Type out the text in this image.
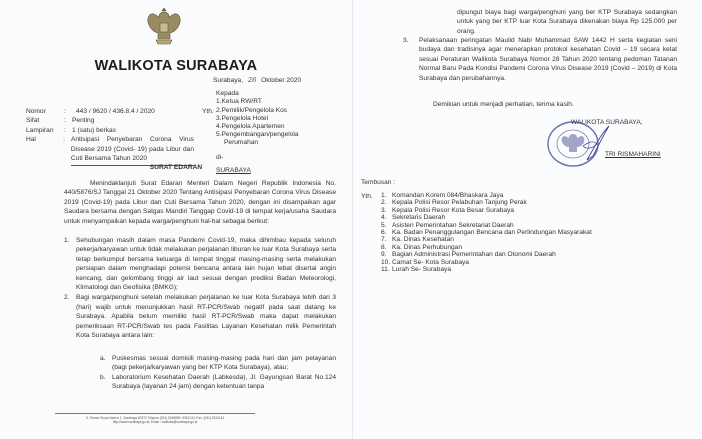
WALIKOTA SURABAYA
Surabaya, 26 Oktober 2020
Nomor	:	443 / 9620 / 436.8.4 / 2020
Sifat	: Penting
Lampiran	: 1 (satu) berkas
Hal	: Antisipasi Penyebaran Corona Virus Disease 2019 (Covid- 19) pada Libur dan Cuti Bersama Tahun 2020
Yth.
Kepada
1.Ketua RW/RT
2.Pemilik/Pengelola Kos
3.Pengelola Hotel
4.Pengelola Apartemen
5.Pengembangan/pengelola
Perumahan
di-
SURABAYA
SURAT EDARAN
Menindaklanjuti Surat Edaran Menteri Dalam Negeri Republik Indonesia No. 440/5876/SJ Tanggal 21 Oktober 2020 Tentang Antisipasi Penyebaran Corona Virus Disease 2019 (Covid-19) pada Libur dan Cuti Bersama Tahun 2020, dengan ini disampaikan agar Saudara bersama dengan Satgas Mandiri Tanggap Covid-19 di tempat kerja/usaha Saudara untuk menyampaikan kepada warga/penghuni hal-hal sebagai berikut:
1. Sehubungan masih dalam masa Pandemi Covid-19, maka dihimbau kepada seluruh pekerja/karyawan untuk tidak melakukan perjalanan liburan ke luar Kota Surabaya serta tetap berkumpul bersama keluarga di tempat tinggal masing-masing serta melakukan persiapan dalam menghadapi potensi bencana antara lain hujan lebat disertai angin kencang, dan gelombang tinggi air laut sesuai dengan prediksi Badan Meteorologi, Klimatologi dan Geofisika (BMKG);
2. Bagi warga/penghuni setelah melakukan perjalanan ke luar Kota Surabaya lebih dari 3 (hari) wajib untuk menunjukkan hasil RT-PCR/Swab negatif pada saat datang ke Surabaya. Apabila belum memiliki hasil RT-PCR/Swab maka dapat melakukan pemeriksaan RT-PCR/Swab tes pada Fasilitas Layanan Kesehatan milik Pemerintah Kota Surabaya antara lain:
a. Puskesmas sesuai domisili masing-masing pada hari dan jam pelayanan (bagi pekerja/karyawan yang ber KTP Kota Surabaya), atau;
b. Laboratorium Kesehatan Daerah (Labkesda), Jl. Gayungsari Barat No.124 Surabaya (layanan 24 jam) dengan ketentuan tanpa
Jl. Taman Surya Nomor 1, Surabaya 60272 Telepon (031) 5345889, 5312144, Fax. (031) 5312144
http://www.surabaya.go.id, Email : walikota@surabaya.go.id
dipungut biaya bagi warga/penghuni yang ber KTP Surabaya sedangkan untuk yang ber KTP luar Kota Surabaya dikenakan biaya Rp 125.000 per orang.
3.	Pelaksanaan peringatan Maulid Nabi Muhammad SAW 1442 H serta kegiatan seni budaya dan tradisinya agar menerapkan protokol kesehatan Covid – 19 secara ketat sesuai Peraturan Walikota Surabaya Nomor 28 Tahun 2020 tentang pedoman Tatanan Normal Baru Pada Kondisi Pandemi Corona Virus Disease 2019 (Covid – 2019) di Kota Surabaya dan perubahannya.
Demikian untuk menjadi perhatian, terima kasih.
WALIKOTA SURABAYA,
TRI RISMAHARINI
Tembusan :
Yth. 1. Komandan Korem 084/Bhaskara Jaya
2. Kepala Polisi Resor Pelabuhan Tanjung Perak
3. Kepala Polisi Resor Kota Besar Surabaya
4. Sekretaris Daerah
5. Asisten Pemerintahan Sekretariat Daerah
6. Ka. Badan Penanggulangan Bencana dan Perlindungan Masyarakat
7. Ka. Dinas Kesehatan
8. Ka. Dinas Perhubungan
9. Bagian Administrasi Pemerintahan dan Otonomi Daerah
10. Camat Se- Kota Surabaya
11. Lurah Se- Surabaya
